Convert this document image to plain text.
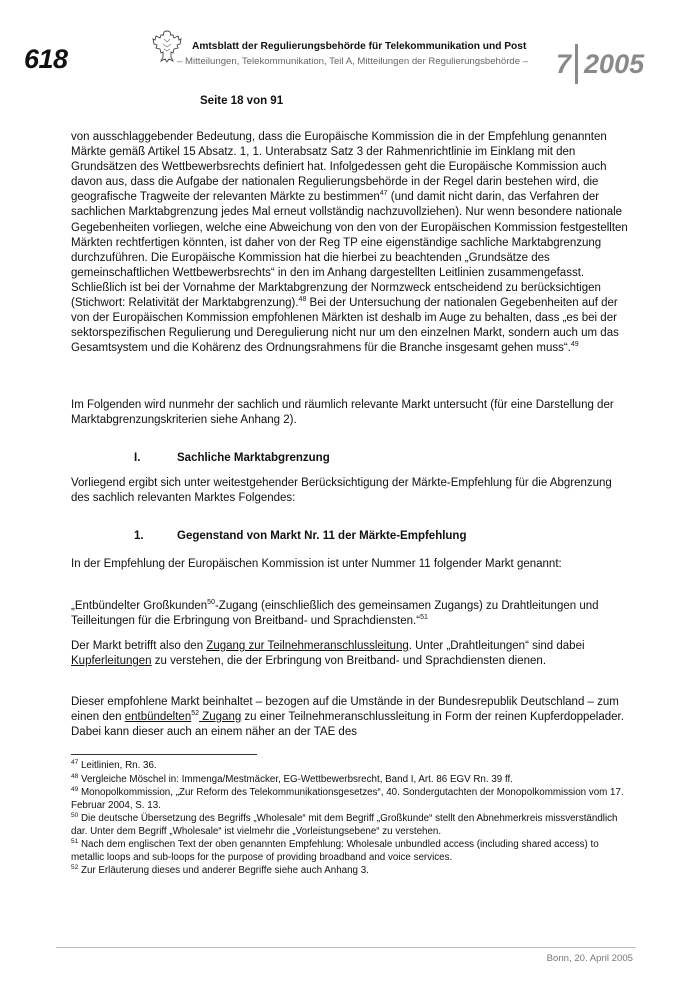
618	Amtsblatt der Regulierungsbehörde für Telekommunikation und Post
– Mitteilungen, Telekommunikation, Teil A, Mitteilungen der Regulierungsbehörde – 7 2005
Seite 18 von 91

von ausschlaggebender Bedeutung, dass die Europäische Kommission die in der Empfehlung genannten Märkte gemäß Artikel 15 Absatz. 1, 1. Unterabsatz Satz 3 der Rahmenrichtlinie im Einklang mit den Grundsätzen des Wettbewerbsrechts definiert hat. Infolgedessen geht die Europäische Kommission auch davon aus, dass die Aufgabe der nationalen Regulierungsbehörde in der Regel darin bestehen wird, die geografische Tragweite der relevanten Märkte zu bestimmen$^{47}$ (und damit nicht darin, das Verfahren der sachlichen Marktabgrenzung jedes Mal erneut vollständig nachzuvollziehen). Nur wenn besondere nationale Gegebenheiten vorliegen, welche eine Abweichung von den von der Europäischen Kommission festgestellten Märkten rechtfertigen könnten, ist daher von der Reg TP eine eigenständige sachliche Marktabgrenzung durchzuführen. Die Europäische Kommission hat die hierbei zu beachtenden „Grundsätze des gemeinschaftlichen Wettbewerbsrechts“ in den im Anhang dargestellten Leitlinien zusammengefasst. Schließlich ist bei der Vornahme der Marktabgrenzung der Normzweck entscheidend zu berücksichtigen (Stichwort: Relativität der Marktabgrenzung).$^{48}$ Bei der Untersuchung der nationalen Gegebenheiten auf der von der Europäischen Kommission empfohlenen Märkten ist deshalb im Auge zu behalten, dass „es bei der sektorspezifischen Regulierung und Deregulierung nicht nur um den einzelnen Markt, sondern auch um das Gesamtsystem und die Kohärenz des Ordnungsrahmens für die Branche insgesamt gehen muss“.$^{49}$

Im Folgenden wird nunmehr der sachlich und räumlich relevante Markt untersucht (für eine Darstellung der Marktabgrenzungskriterien siehe Anhang 2).

I.	Sachliche Marktabgrenzung

Vorliegend ergibt sich unter weitestgehender Berücksichtigung der Märkte-Empfehlung für die Abgrenzung des sachlich relevanten Marktes Folgendes:

1.	Gegenstand von Markt Nr. 11 der Märkte-Empfehlung

In der Empfehlung der Europäischen Kommission ist unter Nummer 11 folgender Markt genannt:

„Entbündelter Großkunden$^{50}$-Zugang (einschließlich des gemeinsamen Zugangs) zu Drahtleitungen und Teilleitungen für die Erbringung von Breitband- und Sprachdiensten.“$^{51}$

Der Markt betrifft also den Zugang zur Teilnehmeranschlussleitung. Unter „Drahtleitungen“ sind dabei Kupferleitungen zu verstehen, die der Erbringung von Breitband- und Sprachdiensten dienen.

Dieser empfohlene Markt beinhaltet – bezogen auf die Umstände in der Bundesrepublik Deutschland – zum einen den entbündelten$^{52}$ Zugang zu einer Teilnehmeranschlussleitung in Form der reinen Kupferdoppelader. Dabei kann dieser auch an einem näher an der TAE des

$^{47}$ Leitlinien, Rn. 36.

$^{48}$ Vergleiche Möschel in: Immenga/Mestmäcker, EG-Wettbewerbsrecht, Band I, Art. 86 EGV Rn. 39 ff.

$^{49}$ Monopolkommission, „Zur Reform des Telekommunikationsgesetzes“, 40. Sondergutachten der Monopolkommission vom 17. Februar 2004, S. 13.

$^{50}$ Die deutsche Übersetzung des Begriffs „Wholesale“ mit dem Begriff „Großkunde“ stellt den Abnehmerkreis missverständlich dar. Unter dem Begriff „Wholesale“ ist vielmehr die „Vorleistungsebene“ zu verstehen.

$^{51}$ Nach dem englischen Text der oben genannten Empfehlung: Wholesale unbundled access (including shared access) to metallic loops and sub-loops for the purpose of providing broadband and voice services.

$^{52}$ Zur Erläuterung dieses und anderer Begriffe siehe auch Anhang 3.

Bonn, 20. April 2005
